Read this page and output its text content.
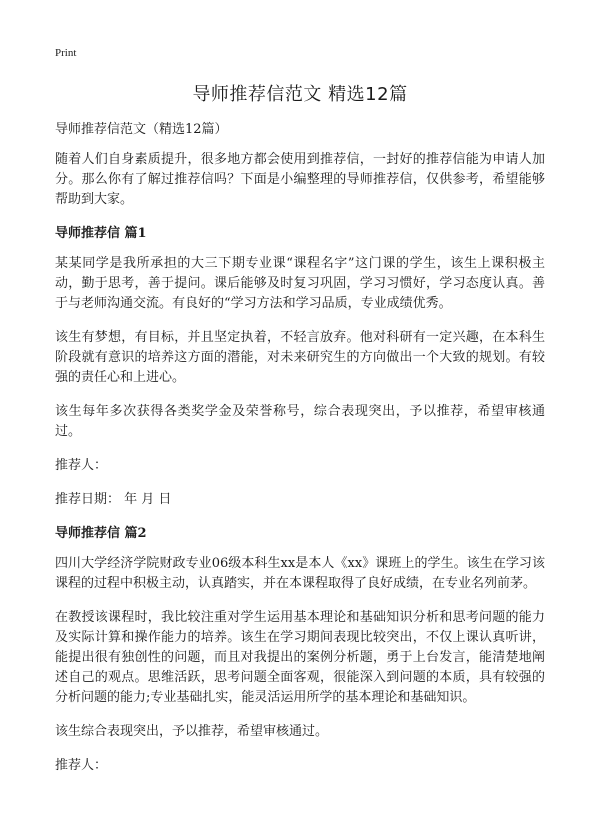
Print
导师推荐信范文 精选12篇

导师推荐信范文（精选12篇）

随着人们自身素质提升，很多地方都会使用到推荐信，一封好的推荐信能为申请人加分。那么你有了解过推荐信吗？下面是小编整理的导师推荐信，仅供参考，希望能够帮助到大家。

导师推荐信 篇1

某某同学是我所承担的大三下期专业课“课程名字”这门课的学生，该生上课积极主动，勤于思考，善于提问。课后能够及时复习巩固，学习习惯好，学习态度认真。善于与老师沟通交流。有良好的“学习方法和学习品质，专业成绩优秀。

该生有梦想，有目标，并且坚定执着，不轻言放弃。他对科研有一定兴趣，在本科生阶段就有意识的培养这方面的潜能，对未来研究生的方向做出一个大致的规划。有较强的责任心和上进心。

该生每年多次获得各类奖学金及荣誉称号，综合表现突出，予以推荐，希望审核通过。

推荐人：

推荐日期： 年 月 日

导师推荐信 篇2

四川大学经济学院财政专业06级本科生xx是本人《xx》课班上的学生。该生在学习该课程的过程中积极主动，认真踏实，并在本课程取得了良好成绩，在专业名列前茅。

在教授该课程时，我比较注重对学生运用基本理论和基础知识分析和思考问题的能力及实际计算和操作能力的培养。该生在学习期间表现比较突出，不仅上课认真听讲，能提出很有独创性的问题，而且对我提出的案例分析题，勇于上台发言，能清楚地阐述自己的观点。思维活跃，思考问题全面客观，很能深入到问题的本质，具有较强的分析问题的能力;专业基础扎实，能灵活运用所学的基本理论和基础知识。

该生综合表现突出，予以推荐，希望审核通过。

推荐人：
